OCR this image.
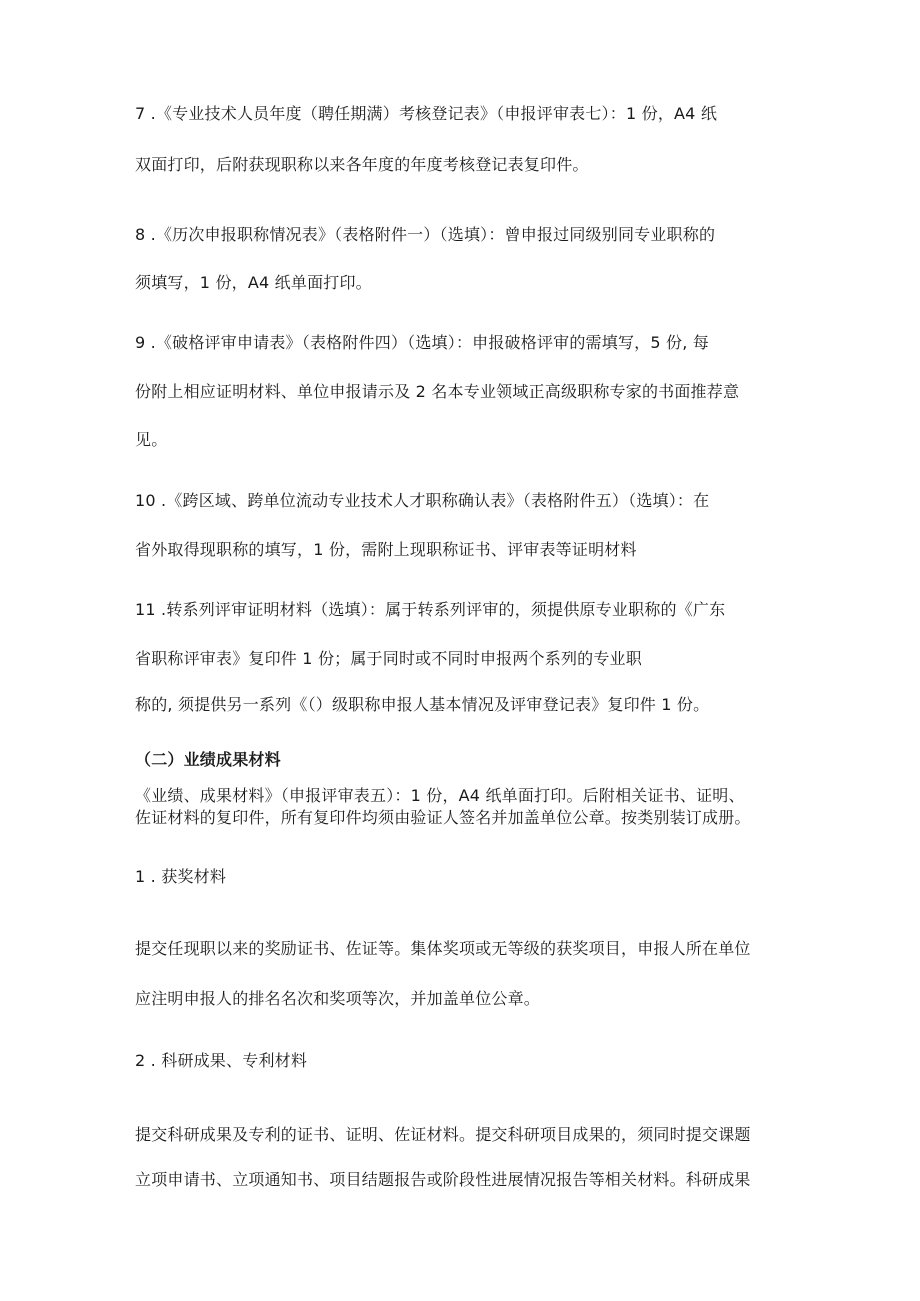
7 .《专业技术人员年度（聘任期满）考核登记表》（申报评审表七）：1 份，A4 纸
双面打印，后附获现职称以来各年度的年度考核登记表复印件。
8 .《历次申报职称情况表》（表格附件一）（选填）：曾申报过同级别同专业职称的
须填写，1 份，A4 纸单面打印。
9 .《破格评审申请表》（表格附件四）（选填）：申报破格评审的需填写，5 份, 每
份附上相应证明材料、单位申报请示及 2 名本专业领域正高级职称专家的书面推荐意
见。
10 .《跨区域、跨单位流动专业技术人才职称确认表》（表格附件五）（选填）：在
省外取得现职称的填写，1 份，需附上现职称证书、评审表等证明材料
11 .转系列评审证明材料（选填）：属于转系列评审的，须提供原专业职称的《广东
省职称评审表》复印件 1 份；属于同时或不同时申报两个系列的专业职
称的, 须提供另一系列《（）级职称申报人基本情况及评审登记表》复印件 1 份。
（二）业绩成果材料
《业绩、成果材料》（申报评审表五）：1 份，A4 纸单面打印。后附相关证书、证明、
佐证材料的复印件，所有复印件均须由验证人签名并加盖单位公章。按类别装订成册。
1 . 获奖材料
提交任现职以来的奖励证书、佐证等。集体奖项或无等级的获奖项目，申报人所在单位
应注明申报人的排名名次和奖项等次，并加盖单位公章。
2 . 科研成果、专利材料
提交科研成果及专利的证书、证明、佐证材料。提交科研项目成果的，须同时提交课题
立项申请书、立项通知书、项目结题报告或阶段性进展情况报告等相关材料。科研成果
